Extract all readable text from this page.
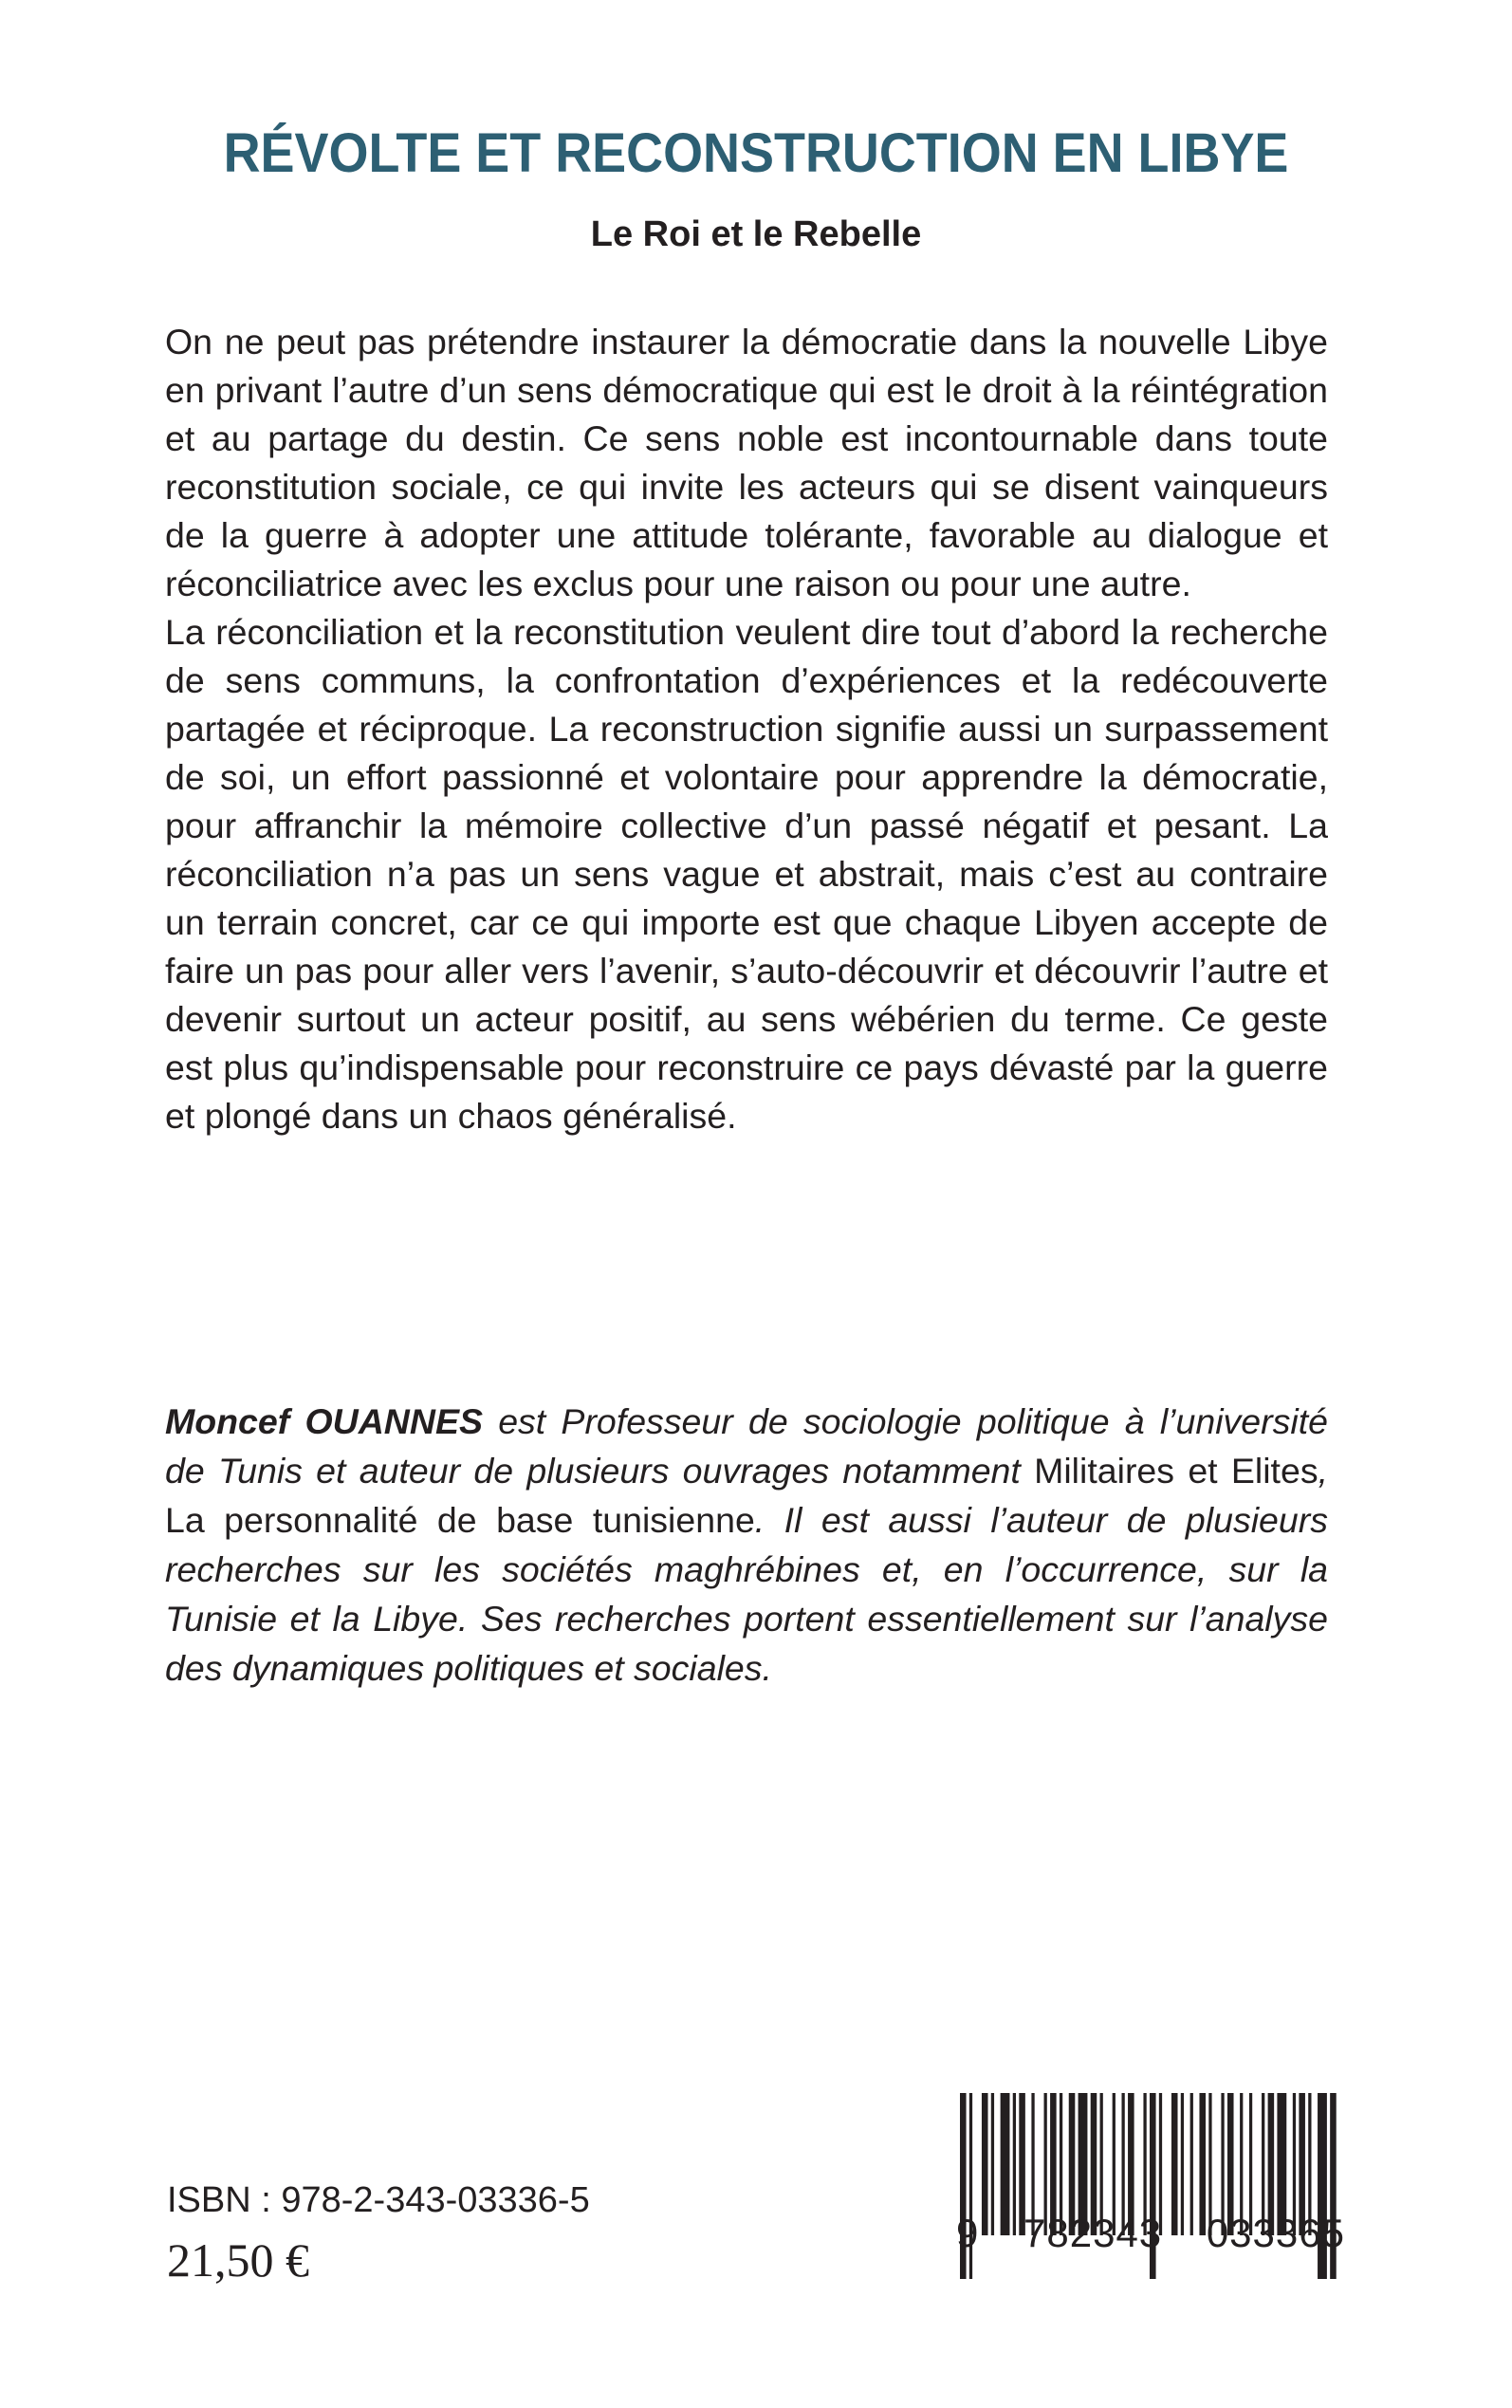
RÉVOLTE ET RECONSTRUCTION EN LIBYE
Le Roi et le Rebelle

On ne peut pas prétendre instaurer la démocratie dans la nouvelle Libye en privant l’autre d’un sens démocratique qui est le droit à la réintégration et au partage du destin. Ce sens noble est incontournable dans toute reconstitution sociale, ce qui invite les acteurs qui se disent vainqueurs de la guerre à adopter une attitude tolérante, favorable au dialogue et réconciliatrice avec les exclus pour une raison ou pour une autre.

La réconciliation et la reconstitution veulent dire tout d’abord la recherche de sens communs, la confrontation d’expériences et la redécouverte partagée et réciproque. La reconstruction signifie aussi un surpassement de soi, un effort passionné et volontaire pour apprendre la démocratie, pour affranchir la mémoire collective d’un passé négatif et pesant. La réconciliation n’a pas un sens vague et abstrait, mais c’est au contraire un terrain concret, car ce qui importe est que chaque Libyen accepte de faire un pas pour aller vers l’avenir, s’auto-découvrir et découvrir l’autre et devenir surtout un acteur positif, au sens wébérien du terme. Ce geste est plus qu’indispensable pour reconstruire ce pays dévasté par la guerre et plongé dans un chaos généralisé.

Moncef OUANNES est Professeur de sociologie politique à l’université de Tunis et auteur de plusieurs ouvrages notamment Militaires et Elites, La personnalité de base tunisienne. Il est aussi l’auteur de plusieurs recherches sur les sociétés maghrébines et, en l’occurrence, sur la Tunisie et la Libye. Ses recherches portent essentiellement sur l’analyse des dynamiques politiques et sociales.

ISBN : 978-2-343-03336-5

21,50 €

9 782343 033365
